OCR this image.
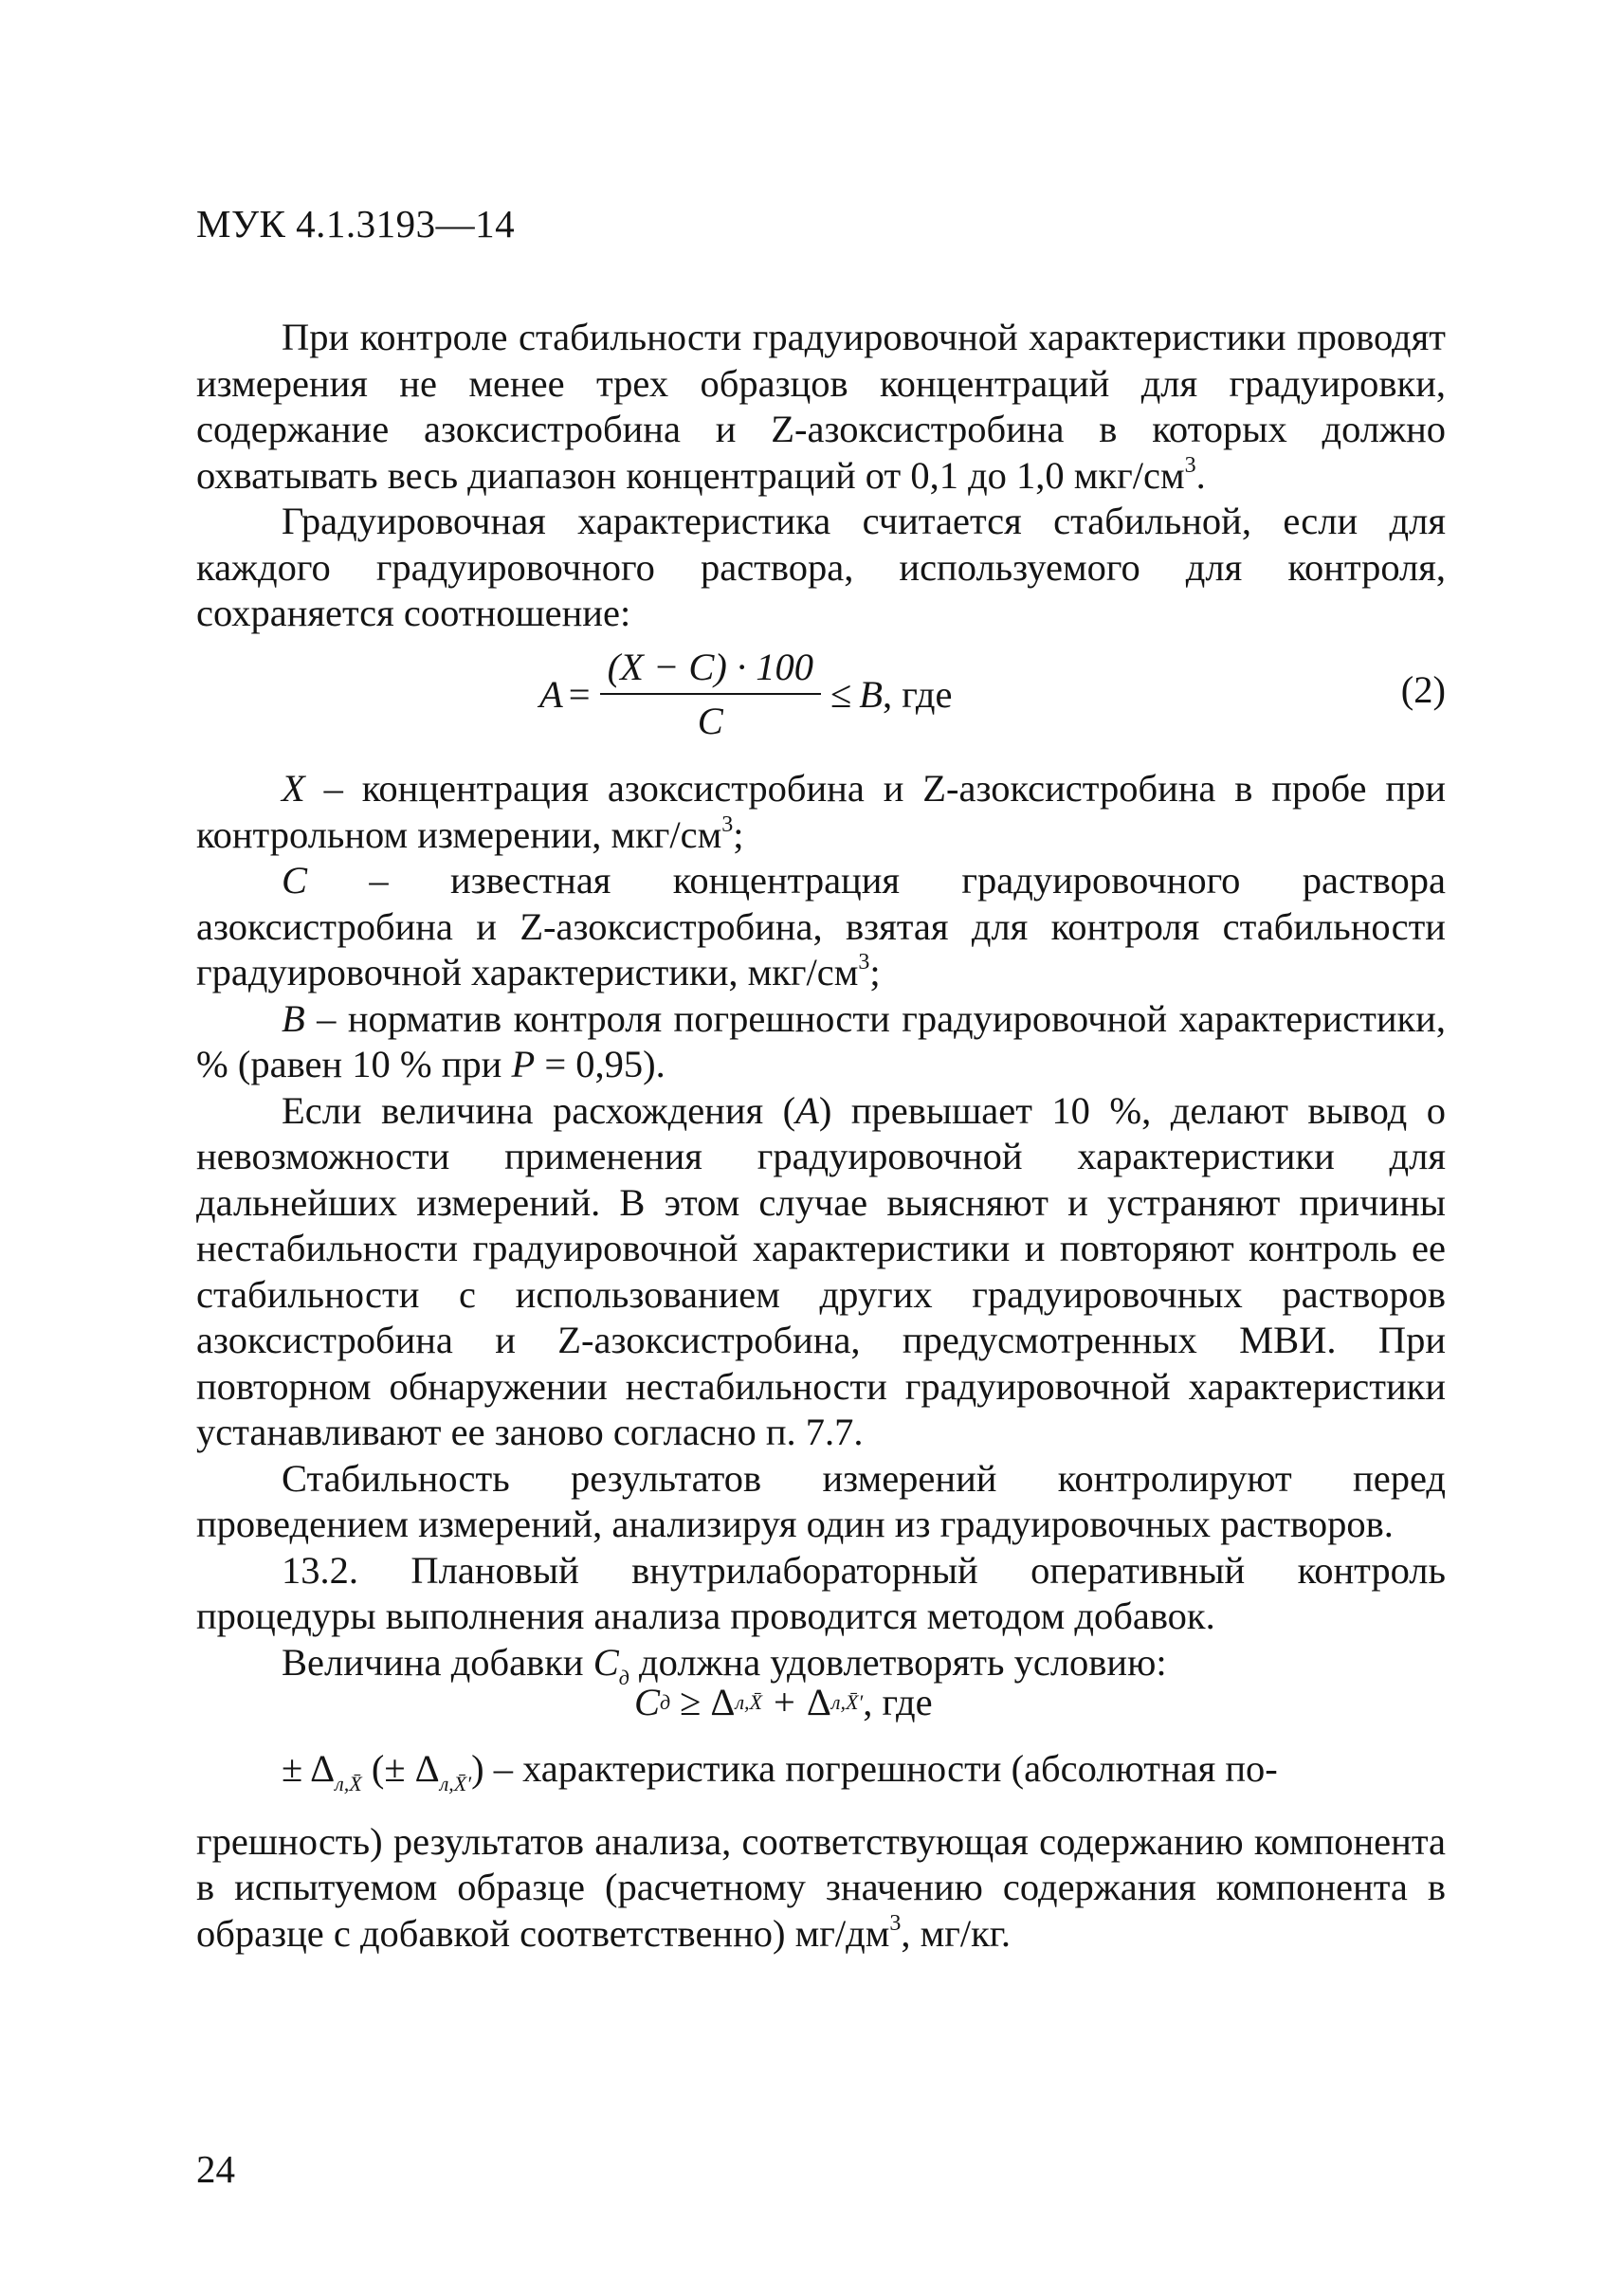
МУК 4.1.3193—14

При контроле стабильности градуировочной характеристики проводят измерения не менее трех образцов концентраций для градуировки, содержание азоксистробина и Z-азоксистробина в которых должно охватывать весь диапазон концентраций от 0,1 до 1,0 мкг/$см^3$.

Градуировочная характеристика считается стабильной, если для каждого градуировочного раствора, используемого для контроля, сохраняется соотношение:

$A = \frac{(X - C) \cdot 100}{C} \le B$ , где	(2)

X – концентрация азоксистробина и Z-азоксистробина в пробе при контрольном измерении, мкг/$см^3$;

C – известная концентрация градуировочного раствора азоксистробина и Z-азоксистробина, взятая для контроля стабильности градуировочной характеристики, мкг/$см^3$;

B – норматив контроля погрешности градуировочной характеристики, % (равен 10 % при P = 0,95).

Если величина расхождения (A) превышает 10 %, делают вывод о невозможности применения градуировочной характеристики для дальнейших измерений. В этом случае выясняют и устраняют причины нестабильности градуировочной характеристики и повторяют контроль ее стабильности с использованием других градуировочных растворов азоксистробина и Z-азоксистробина, предусмотренных МВИ. При повторном обнаружении нестабильности градуировочной характеристики устанавливают ее заново согласно п. 7.7.

Стабильность результатов измерений контролируют перед проведением измерений, анализируя один из градуировочных растворов.

13.2. Плановый внутрилабораторный оперативный контроль процедуры выполнения анализа проводится методом добавок.

Величина добавки $C_д$ должна удовлетворять условию:

C д ≥ Δ л,X̄ + Δ л,X̄′ , где

± $\Delta_{л,X̄}$ (± $\Delta_{л,X̄'}$) – характеристика погрешности (абсолютная по-

грешность) результатов анализа, соответствующая содержанию компонента в испытуемом образце (расчетному значению содержания компонента в образце с добавкой соответственно) $мг/дм^3$, мг/кг.

24
